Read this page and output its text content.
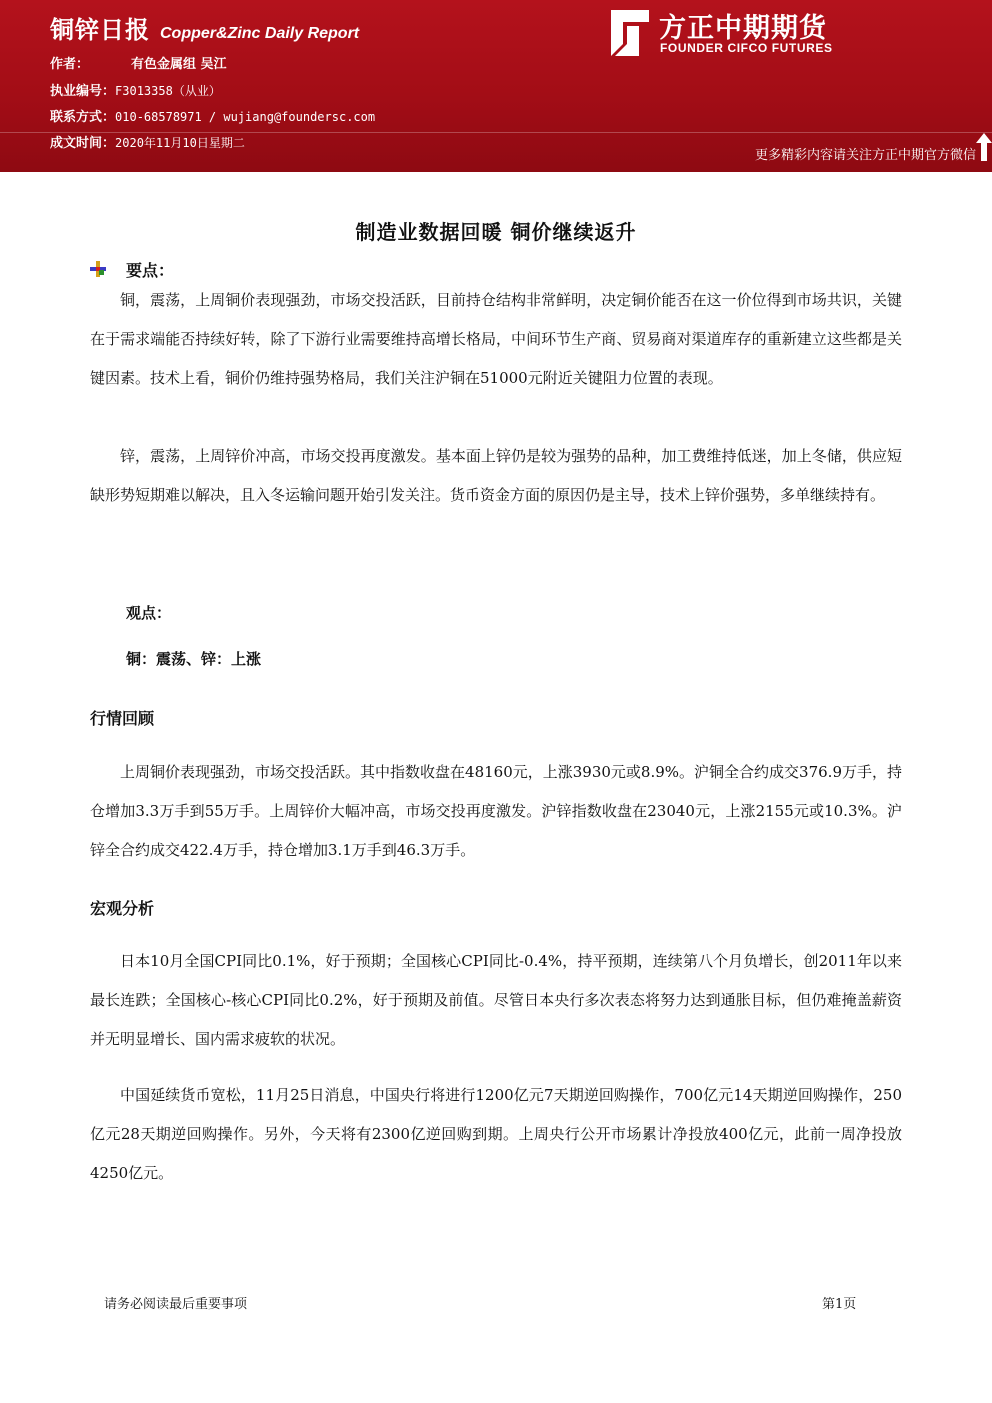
铜锌日报 Copper&Zinc Daily Report
作者：	有色金属组 吴江
执业编号：F3013358（从业）
联系方式：010-68578971 / wujiang@foundersc.com
成文时间：2020年11月10日星期二
方正中期期货
FOUNDER CIFCO FUTURES
更多精彩内容请关注方正中期官方微信
制造业数据回暖 铜价继续返升
要点：

铜，震荡，上周铜价表现强劲，市场交投活跃，目前持仓结构非常鲜明，决定铜价能否在这一价位得到市场共识，关键在于需求端能否持续好转，除了下游行业需要维持高增长格局，中间环节生产商、贸易商对渠道库存的重新建立这些都是关键因素。技术上看，铜价仍维持强势格局，我们关注沪铜在51000元附近关键阻力位置的表现。

锌，震荡，上周锌价冲高，市场交投再度激发。基本面上锌仍是较为强势的品种，加工费维持低迷，加上冬储，供应短缺形势短期难以解决，且入冬运输问题开始引发关注。货币资金方面的原因仍是主导，技术上锌价强势，多单继续持有。

观点：
铜：震荡、锌：上涨
行情回顾

上周铜价表现强劲，市场交投活跃。其中指数收盘在48160元，上涨3930元或8.9%。沪铜全合约成交376.9万手，持仓增加3.3万手到55万手。上周锌价大幅冲高，市场交投再度激发。沪锌指数收盘在23040元，上涨2155元或10.3%。沪锌全合约成交422.4万手，持仓增加3.1万手到46.3万手。

宏观分析

日本10月全国CPI同比0.1%，好于预期；全国核心CPI同比-0.4%，持平预期，连续第八个月负增长，创2011年以来最长连跌；全国核心-核心CPI同比0.2%，好于预期及前值。尽管日本央行多次表态将努力达到通胀目标，但仍难掩盖薪资并无明显增长、国内需求疲软的状况。

中国延续货币宽松，11月25日消息，中国央行将进行1200亿元7天期逆回购操作，700亿元14天期逆回购操作，250亿元28天期逆回购操作。另外，今天将有2300亿逆回购到期。上周央行公开市场累计净投放400亿元，此前一周净投放4250亿元。

请务必阅读最后重要事项	第1页
